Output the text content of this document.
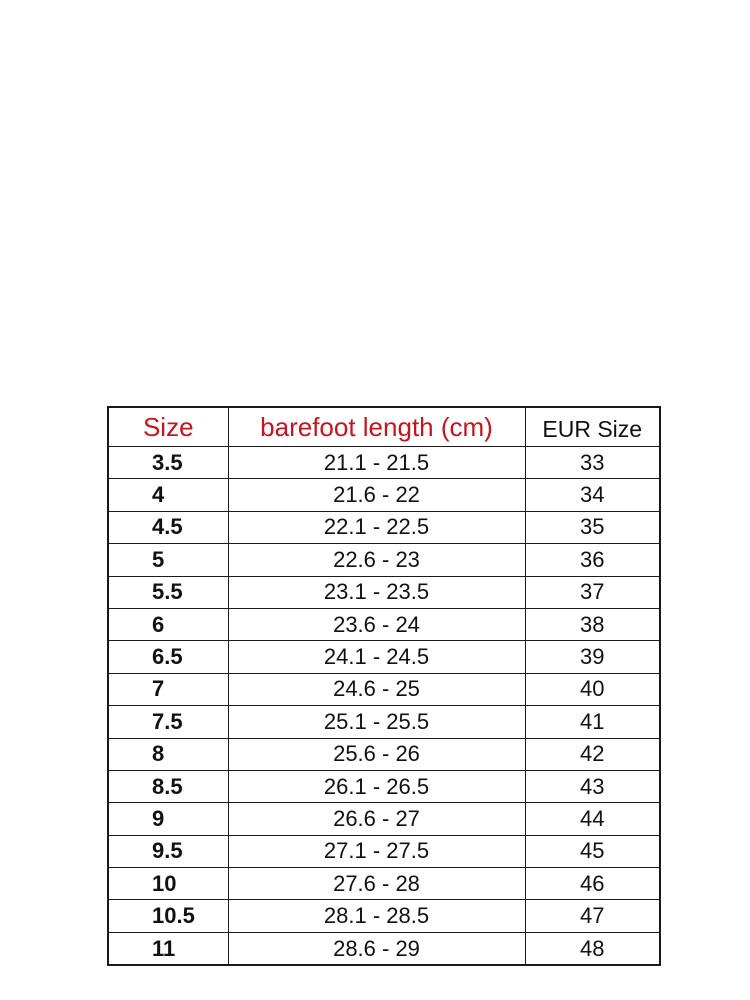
Size	barefoot length (cm)	EUR Size
3.5	21.1 - 21.5	33
4	21.6 - 22	34
4.5	22.1 - 22.5	35
5	22.6 - 23	36
5.5	23.1 - 23.5	37
6	23.6 - 24	38
6.5	24.1 - 24.5	39
7	24.6 - 25	40
7.5	25.1 - 25.5	41
8	25.6 - 26	42
8.5	26.1 - 26.5	43
9	26.6 - 27	44
9.5	27.1 - 27.5	45
10	27.6 - 28	46
10.5	28.1 - 28.5	47
11	28.6 - 29	48
